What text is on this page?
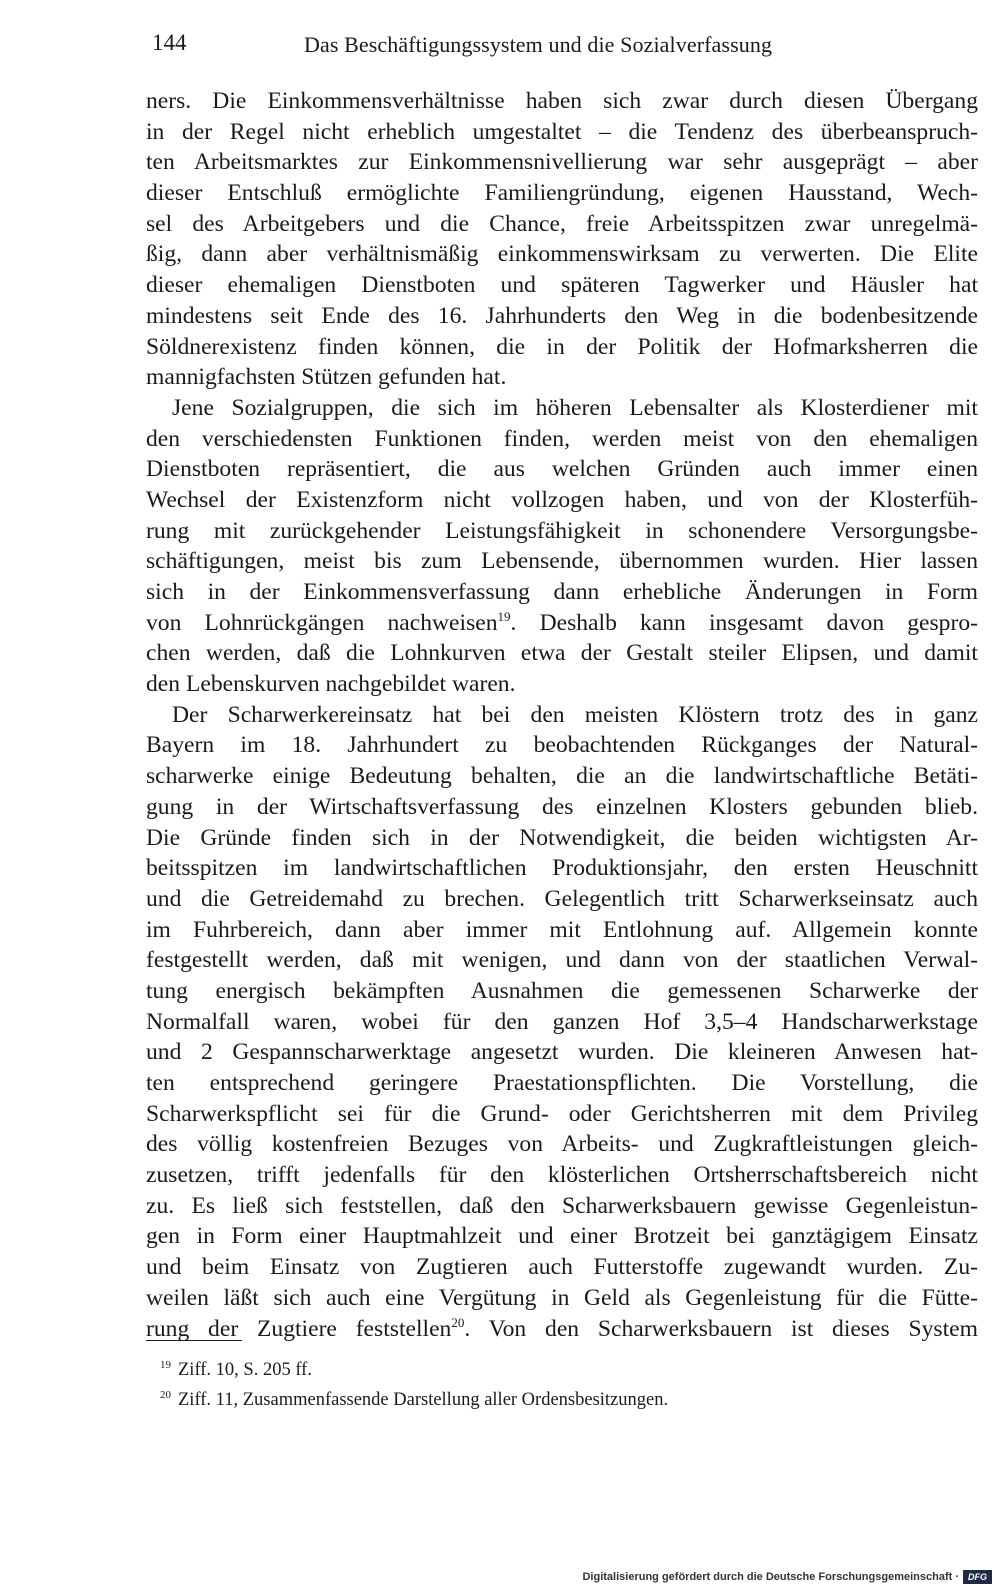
144	Das Beschäftigungssystem und die Sozialverfassung
ners. Die Einkommensverhältnisse haben sich zwar durch diesen Übergang
in der Regel nicht erheblich umgestaltet – die Tendenz des überbeanspruch-
ten Arbeitsmarktes zur Einkommensnivellierung war sehr ausgeprägt – aber
dieser Entschluß ermöglichte Familiengründung, eigenen Hausstand, Wech-
sel des Arbeitgebers und die Chance, freie Arbeitsspitzen zwar unregelmä-
ßig, dann aber verhältnismäßig einkommenswirksam zu verwerten. Die Elite
dieser ehemaligen Dienstboten und späteren Tagwerker und Häusler hat
mindestens seit Ende des 16. Jahrhunderts den Weg in die bodenbesitzende
Söldnerexistenz finden können, die in der Politik der Hofmarksherren die
mannigfachsten Stützen gefunden hat.
Jene Sozialgruppen, die sich im höheren Lebensalter als Klosterdiener mit
den verschiedensten Funktionen finden, werden meist von den ehemaligen
Dienstboten repräsentiert, die aus welchen Gründen auch immer einen
Wechsel der Existenzform nicht vollzogen haben, und von der Klosterfüh-
rung mit zurückgehender Leistungsfähigkeit in schonendere Versorgungsbe-
schäftigungen, meist bis zum Lebensende, übernommen wurden. Hier lassen
sich in der Einkommensverfassung dann erhebliche Änderungen in Form
von Lohnrückgängen nachweisen$^{19}$. Deshalb kann insgesamt davon gespro-
chen werden, daß die Lohnkurven etwa der Gestalt steiler Elipsen, und damit
den Lebenskurven nachgebildet waren.
Der Scharwerkereinsatz hat bei den meisten Klöstern trotz des in ganz
Bayern im 18. Jahrhundert zu beobachtenden Rückganges der Natural-
scharwerke einige Bedeutung behalten, die an die landwirtschaftliche Betäti-
gung in der Wirtschaftsverfassung des einzelnen Klosters gebunden blieb.
Die Gründe finden sich in der Notwendigkeit, die beiden wichtigsten Ar-
beitsspitzen im landwirtschaftlichen Produktionsjahr, den ersten Heuschnitt
und die Getreidemahd zu brechen. Gelegentlich tritt Scharwerkseinsatz auch
im Fuhrbereich, dann aber immer mit Entlohnung auf. Allgemein konnte
festgestellt werden, daß mit wenigen, und dann von der staatlichen Verwal-
tung energisch bekämpften Ausnahmen die gemessenen Scharwerke der
Normalfall waren, wobei für den ganzen Hof 3,5–4 Handscharwerkstage
und 2 Gespannscharwerktage angesetzt wurden. Die kleineren Anwesen hat-
ten entsprechend geringere Praestationspflichten. Die Vorstellung, die
Scharwerkspflicht sei für die Grund- oder Gerichtsherren mit dem Privileg
des völlig kostenfreien Bezuges von Arbeits- und Zugkraftleistungen gleich-
zusetzen, trifft jedenfalls für den klösterlichen Ortsherrschaftsbereich nicht
zu. Es ließ sich feststellen, daß den Scharwerksbauern gewisse Gegenleistun-
gen in Form einer Hauptmahlzeit und einer Brotzeit bei ganztägigem Einsatz
und beim Einsatz von Zugtieren auch Futterstoffe zugewandt wurden. Zu-
weilen läßt sich auch eine Vergütung in Geld als Gegenleistung für die Fütte-
rung der Zugtiere feststellen$^{20}$. Von den Scharwerksbauern ist dieses System
$^{19}$ Ziff. 10, S. 205 ff.
$^{20}$ Ziff. 11, Zusammenfassende Darstellung aller Ordensbesitzungen.
Digitalisierung gefördert durch die Deutsche Forschungsgemeinschaft ·	DFG
